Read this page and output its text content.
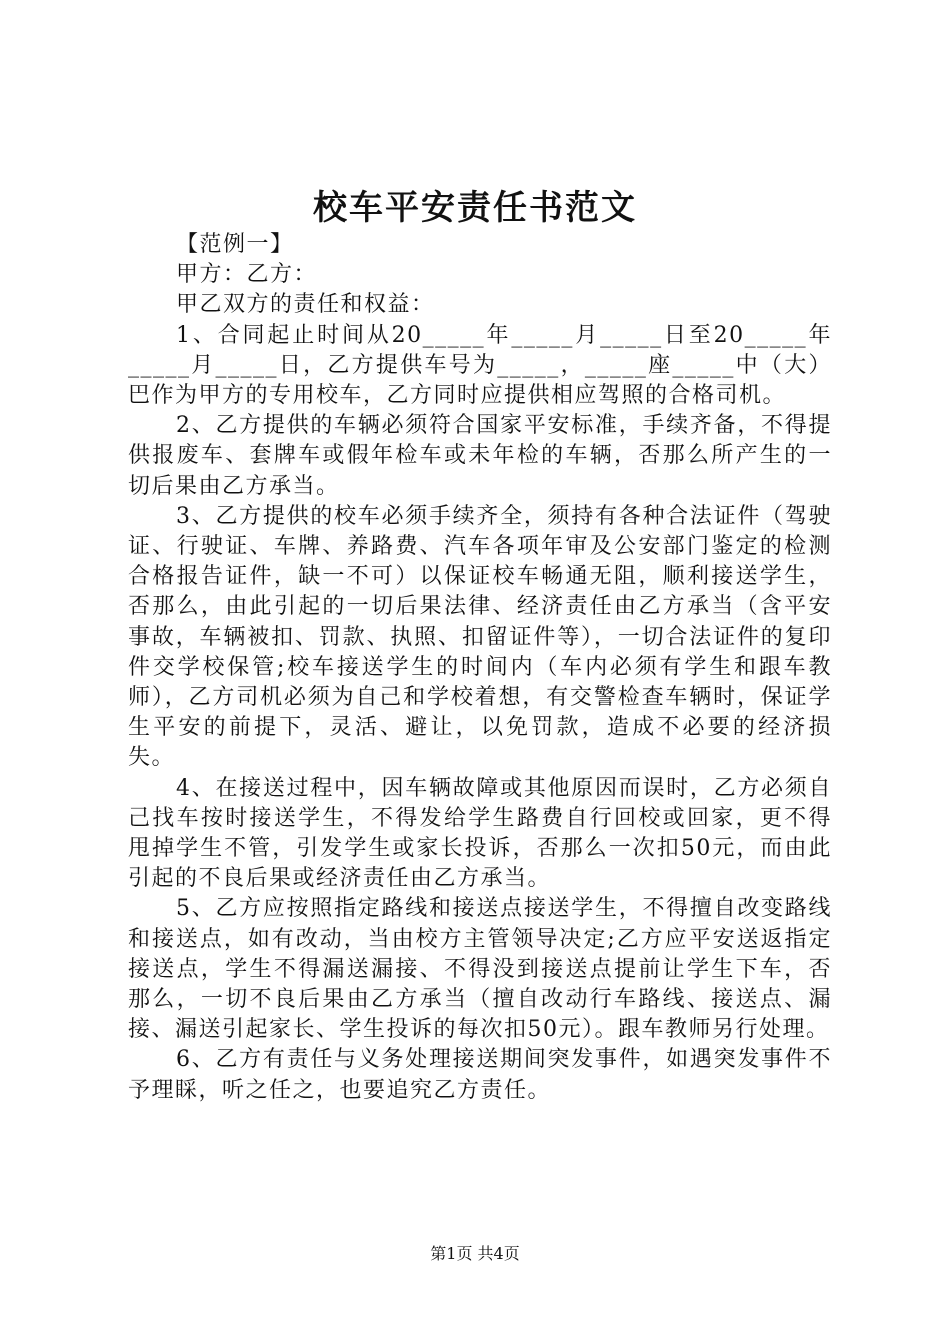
校车平安责任书范文

【范例一】

甲方：乙方：

甲乙双方的责任和权益：

1、合同起止时间从20_____年_____月_____日至20_____年_____月_____日，乙方提供车号为_____，_____座_____中（大）巴作为甲方的专用校车，乙方同时应提供相应驾照的合格司机。

2、乙方提供的车辆必须符合国家平安标准，手续齐备，不得提供报废车、套牌车或假年检车或未年检的车辆，否那么所产生的一切后果由乙方承当。

3、乙方提供的校车必须手续齐全，须持有各种合法证件（驾驶证、行驶证、车牌、养路费、汽车各项年审及公安部门鉴定的检测合格报告证件，缺一不可）以保证校车畅通无阻，顺利接送学生，否那么，由此引起的一切后果法律、经济责任由乙方承当（含平安事故，车辆被扣、罚款、执照、扣留证件等），一切合法证件的复印件交学校保管;校车接送学生的时间内（车内必须有学生和跟车教师），乙方司机必须为自己和学校着想，有交警检查车辆时，保证学生平安的前提下，灵活、避让，以免罚款，造成不必要的经济损失。

4、在接送过程中，因车辆故障或其他原因而误时，乙方必须自己找车按时接送学生，不得发给学生路费自行回校或回家，更不得甩掉学生不管，引发学生或家长投诉，否那么一次扣50元，而由此引起的不良后果或经济责任由乙方承当。

5、乙方应按照指定路线和接送点接送学生，不得擅自改变路线和接送点，如有改动，当由校方主管领导决定;乙方应平安送返指定接送点，学生不得漏送漏接、不得没到接送点提前让学生下车，否那么，一切不良后果由乙方承当（擅自改动行车路线、接送点、漏接、漏送引起家长、学生投诉的每次扣50元）。跟车教师另行处理。

6、乙方有责任与义务处理接送期间突发事件，如遇突发事件不予理睬，听之任之，也要追究乙方责任。

第1页 共4页
